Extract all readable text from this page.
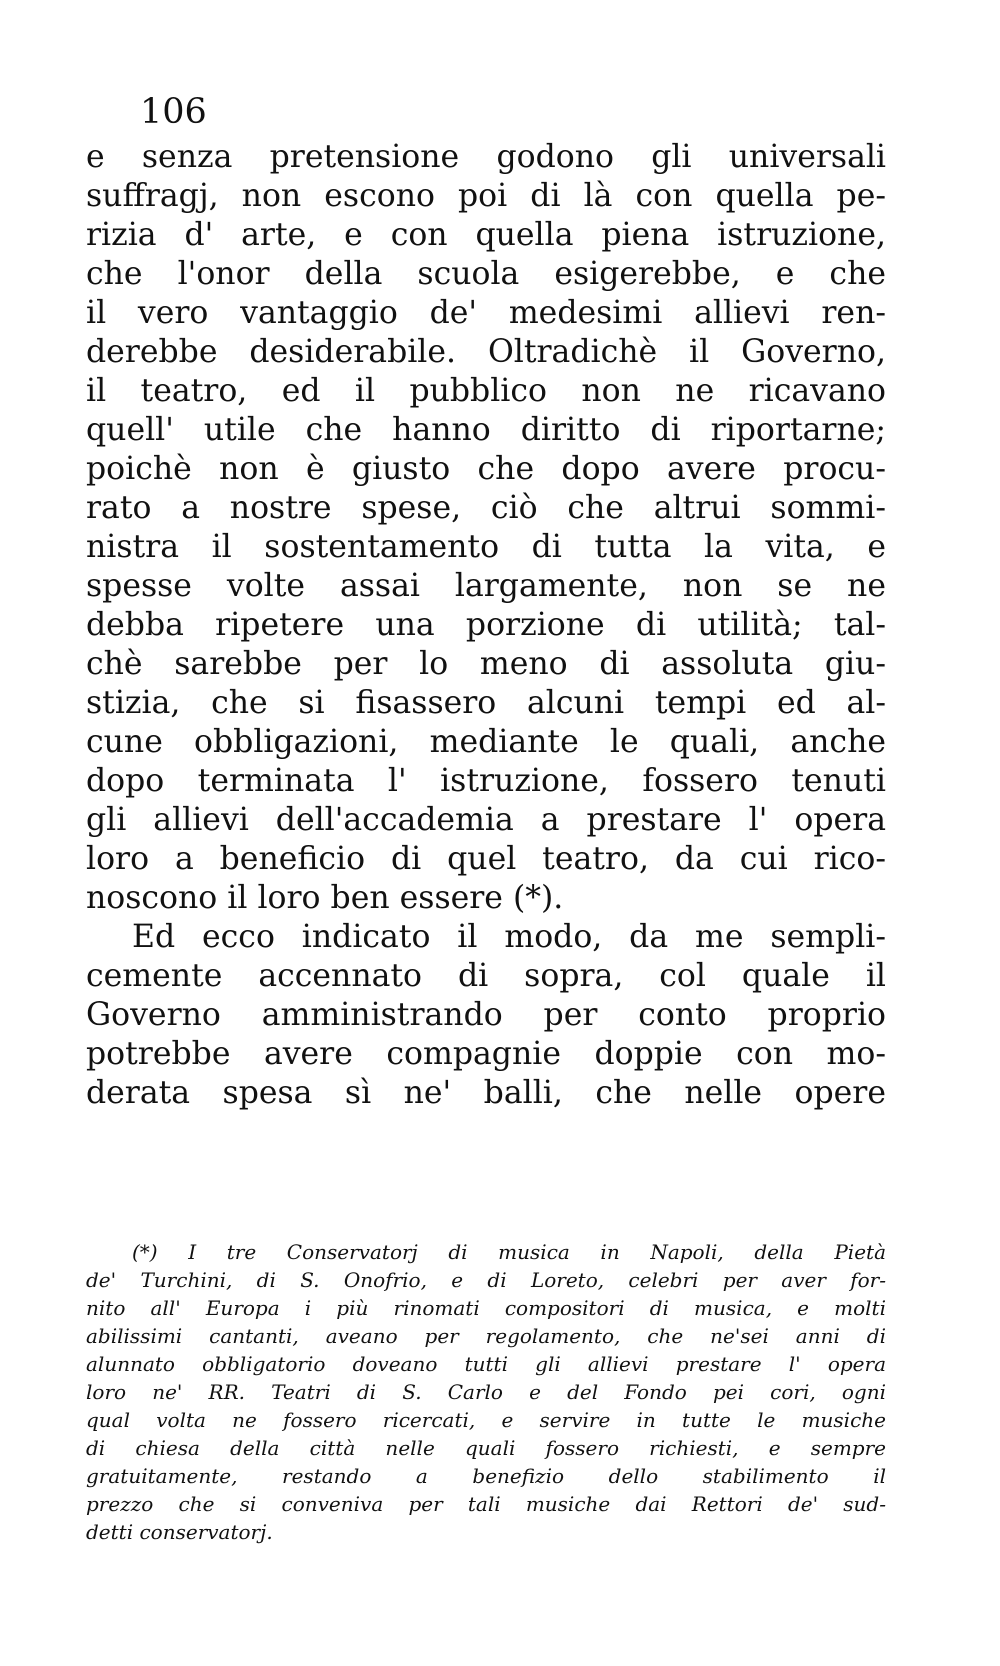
106
e senza pretensione godono gli universali
suffragj, non escono poi di là con quella pe-
rizia d' arte, e con quella piena istruzione,
che l'onor della scuola esigerebbe, e che
il vero vantaggio de' medesimi allievi ren-
derebbe desiderabile. Oltradichè il Governo,
il teatro, ed il pubblico non ne ricavano
quell' utile che hanno diritto di riportarne;
poichè non è giusto che dopo avere procu-
rato a nostre spese, ciò che altrui sommi-
nistra il sostentamento di tutta la vita, e
spesse volte assai largamente, non se ne
debba ripetere una porzione di utilità; tal-
chè sarebbe per lo meno di assoluta giu-
stizia, che si fisassero alcuni tempi ed al-
cune obbligazioni, mediante le quali, anche
dopo terminata l' istruzione, fossero tenuti
gli allievi dell'accademia a prestare l' opera
loro a beneficio di quel teatro, da cui rico-
noscono il loro ben essere (*).
Ed ecco indicato il modo, da me sempli-
cemente accennato di sopra, col quale il
Governo amministrando per conto proprio
potrebbe avere compagnie doppie con mo-
derata spesa sì ne' balli, che nelle opere
(*) I tre Conservatorj di musica in Napoli, della Pietà
de' Turchini, di S. Onofrio, e di Loreto, celebri per aver for-
nito all' Europa i più rinomati compositori di musica, e molti
abilissimi cantanti, aveano per regolamento, che ne'sei anni di
alunnato obbligatorio doveano tutti gli allievi prestare l' opera
loro ne' RR. Teatri di S. Carlo e del Fondo pei cori, ogni
qual volta ne fossero ricercati, e servire in tutte le musiche
di chiesa della città nelle quali fossero richiesti, e sempre
gratuitamente, restando a benefizio dello stabilimento il
prezzo che si conveniva per tali musiche dai Rettori de' sud-
detti conservatorj.
